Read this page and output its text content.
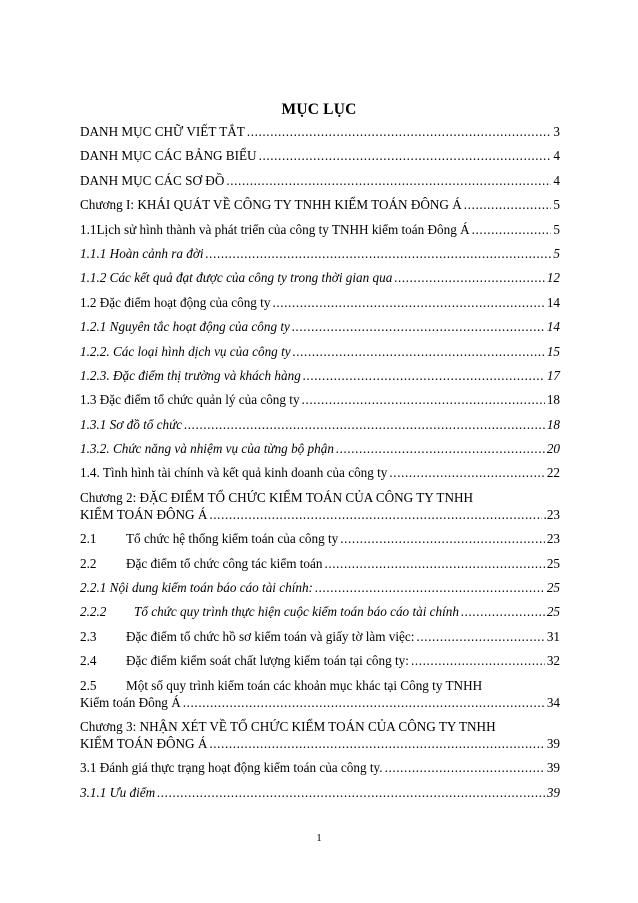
MỤC LỤC
DANH MỤC CHỮ VIẾT TẮT .....	3
DANH MỤC CÁC BẢNG BIỂU .....	4
DANH MỤC CÁC SƠ ĐỒ .....	4
Chương I: KHÁI QUÁT VỀ CÔNG TY TNHH KIỂM TOÁN ĐÔNG Á .....	5
1.1Lịch sử hình thành và phát triển của công ty TNHH kiểm toán Đông Á .....	5
1.1.1 Hoàn cảnh ra đời .....	5
1.1.2 Các kết quả đạt được của công ty trong thời gian qua .....	12
1.2 Đặc điểm hoạt động của công ty .....	14
1.2.1 Nguyên tắc hoạt động của công ty .....	14
1.2.2. Các loại hình dịch vụ của công ty .....	15
1.2.3. Đặc điểm thị trường và khách hàng .....	17
1.3 Đặc điểm tổ chức quản lý của công ty .....	18
1.3.1 Sơ đồ tổ chức .....	18
1.3.2. Chức năng và nhiệm vụ của từng bộ phận .....	20
1.4. Tình hình tài chính và kết quả kinh doanh của công ty .....	22
Chương 2: ĐẶC ĐIỂM TỔ CHỨC KIỂM TOÁN CỦA CÔNG TY TNHH
KIỂM TOÁN ĐÔNG Á .....	.23
2.1	Tổ chức hệ thống kiểm toán của công ty .....	23
2.2	Đặc điểm tổ chức công tác kiểm toán .....	25
2.2.1 Nội dung kiểm toán báo cáo tài chính: .....	25
2.2.2	Tổ chức quy trình thực hiện cuộc kiểm toán báo cáo tài chính .....	25
2.3	Đặc điểm tổ chức hồ sơ kiểm toán và giấy tờ làm việc: .....	31
2.4	Đặc điểm kiểm soát chất lượng kiểm toán tại công ty: .....	32
2.5 Một số quy trình kiểm toán các khoản mục khác tại Công ty TNHH
Kiểm toán Đông Á .....	34
Chương 3: NHẬN XÉT VỀ TỔ CHỨC KIỂM TOÁN CỦA CÔNG TY TNHH
KIỂM TOÁN ĐÔNG Á .....	39
3.1 Đánh giá thực trạng hoạt động kiểm toán của công ty. .....	39
3.1.1 Ưu điểm .....	39
1
